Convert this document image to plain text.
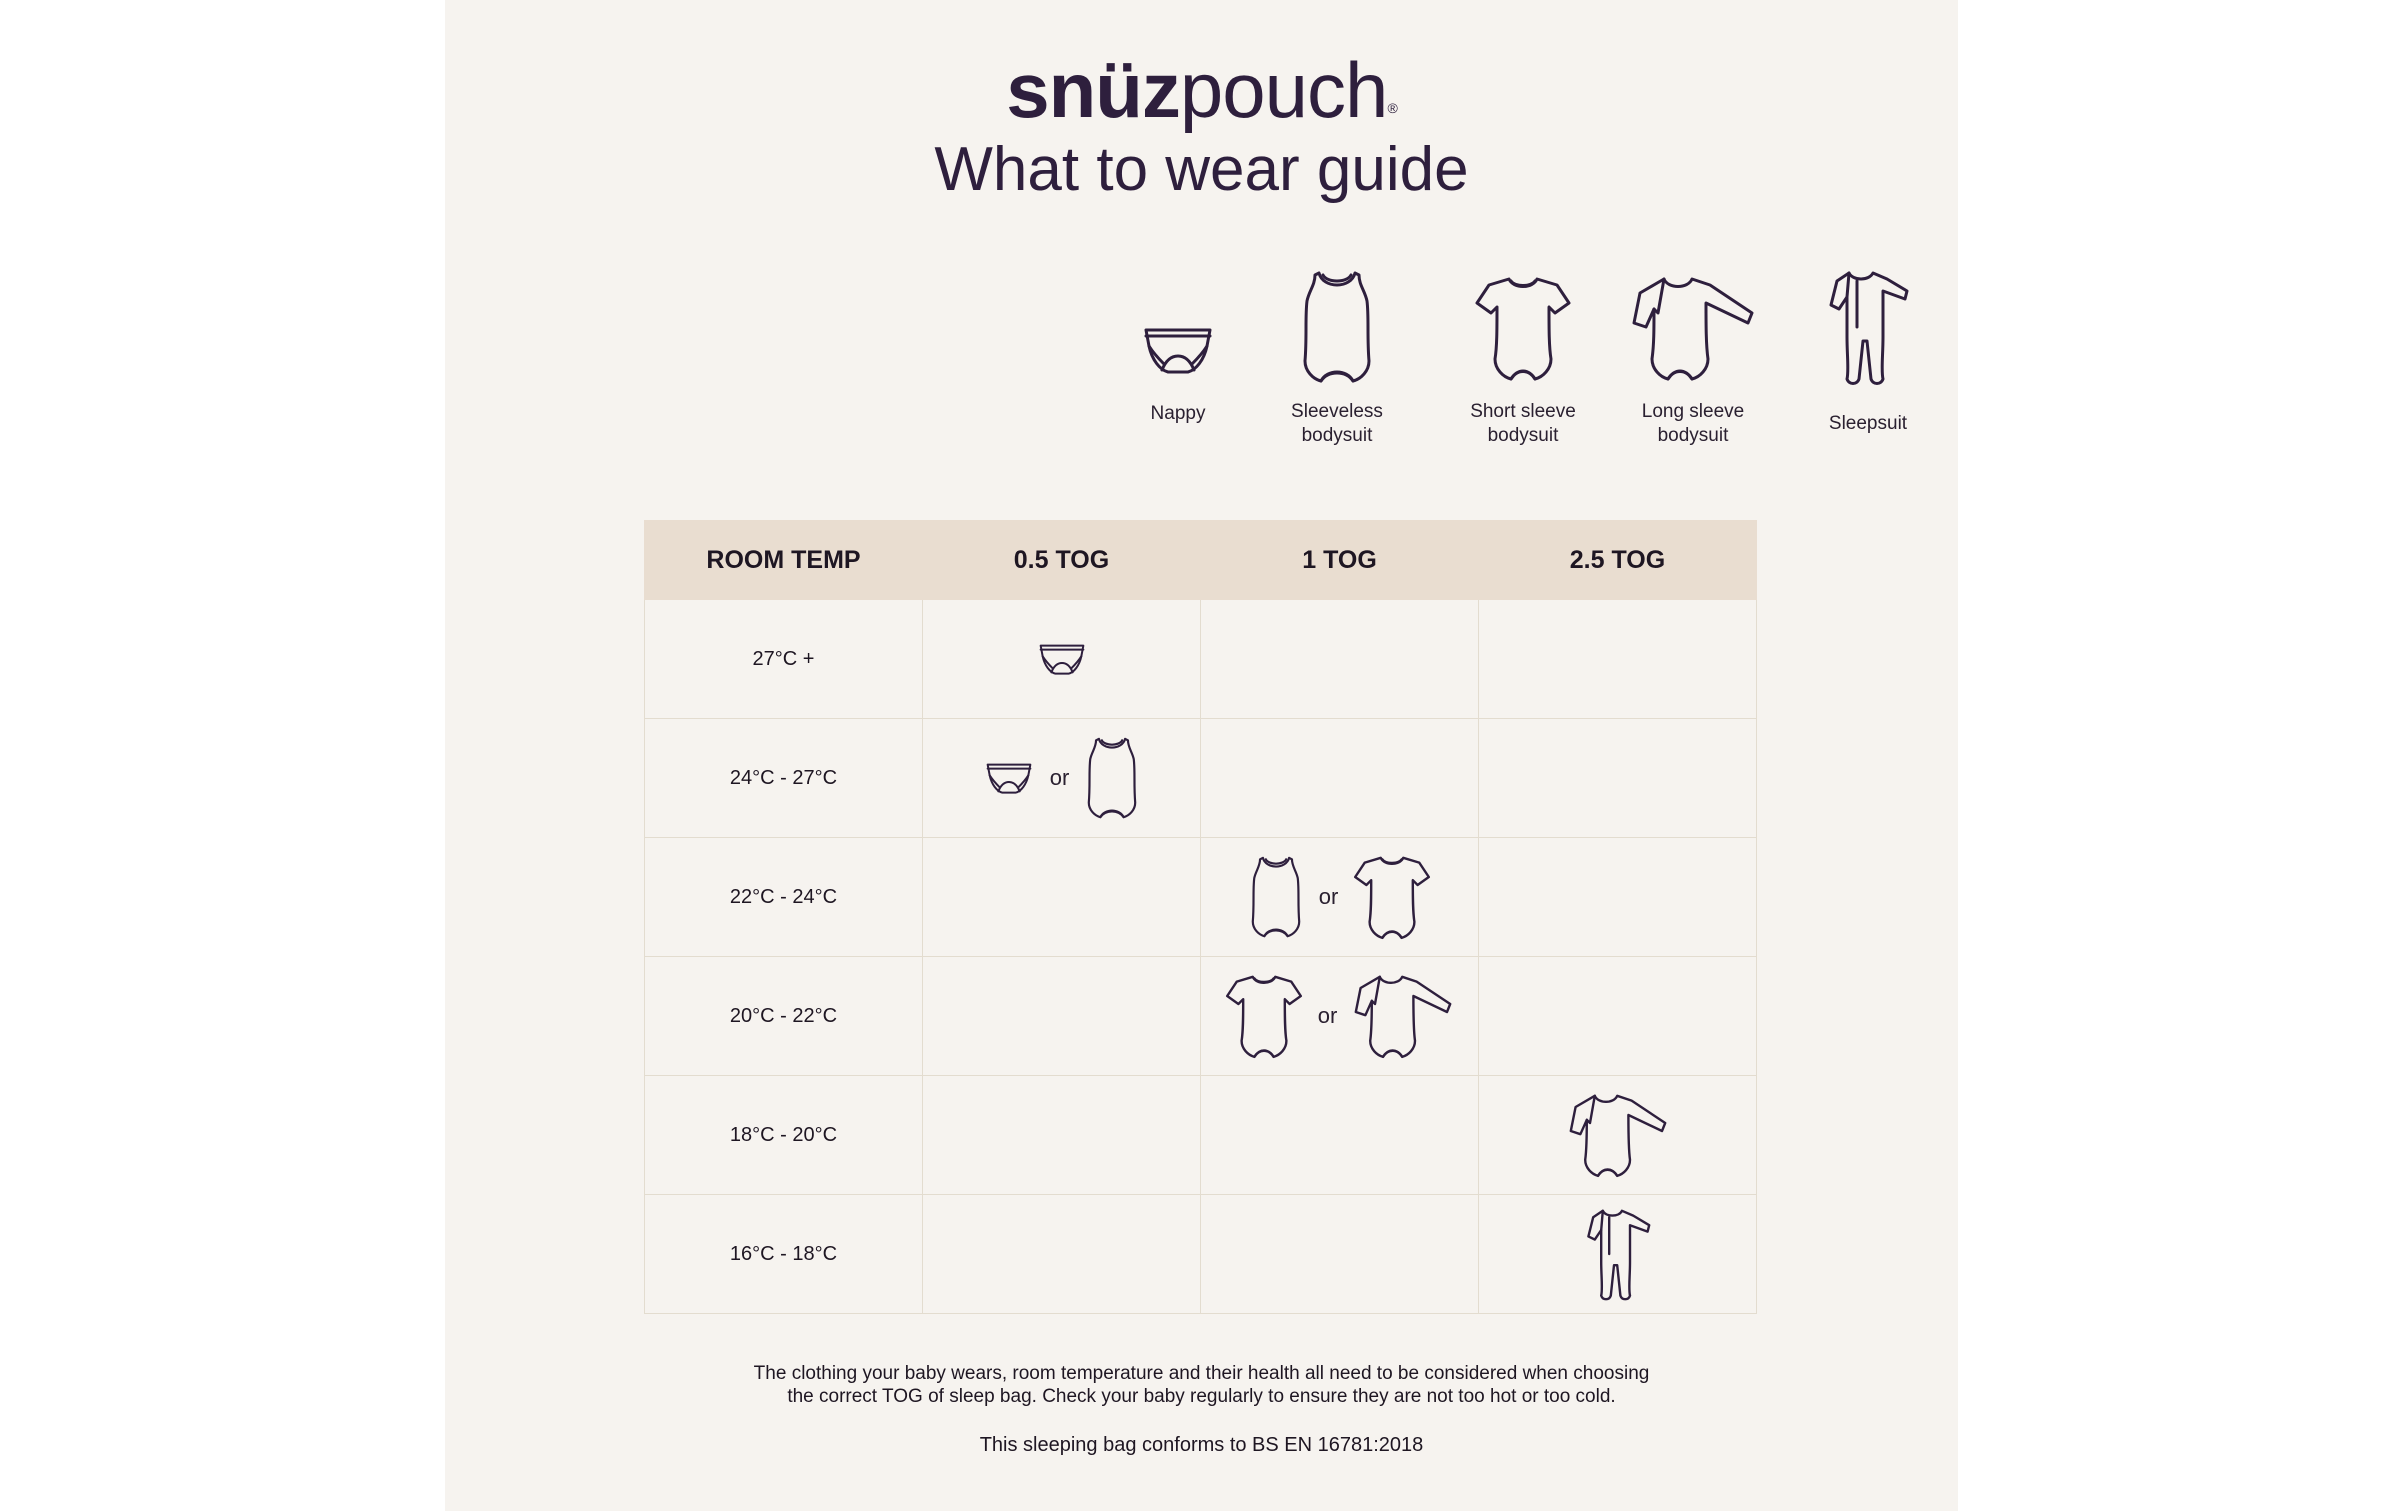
snüzpouch®
What to wear guide
Nappy	Sleeveless
bodysuit
Short sleeve
bodysuit
Long sleeve
bodysuit
Sleepsuit
ROOM TEMP	0.5 TOG	1 TOG	2.5 TOG
27°C +	

24°C - 27°C	or		

22°C - 24°C		or	

20°C - 22°C		or	

18°C - 20°C			

16°C - 18°C			
The clothing your baby wears, room temperature and their health all need to be considered when choosing
the correct TOG of sleep bag. Check your baby regularly to ensure they are not too hot or too cold.
This sleeping bag conforms to BS EN 16781:2018
